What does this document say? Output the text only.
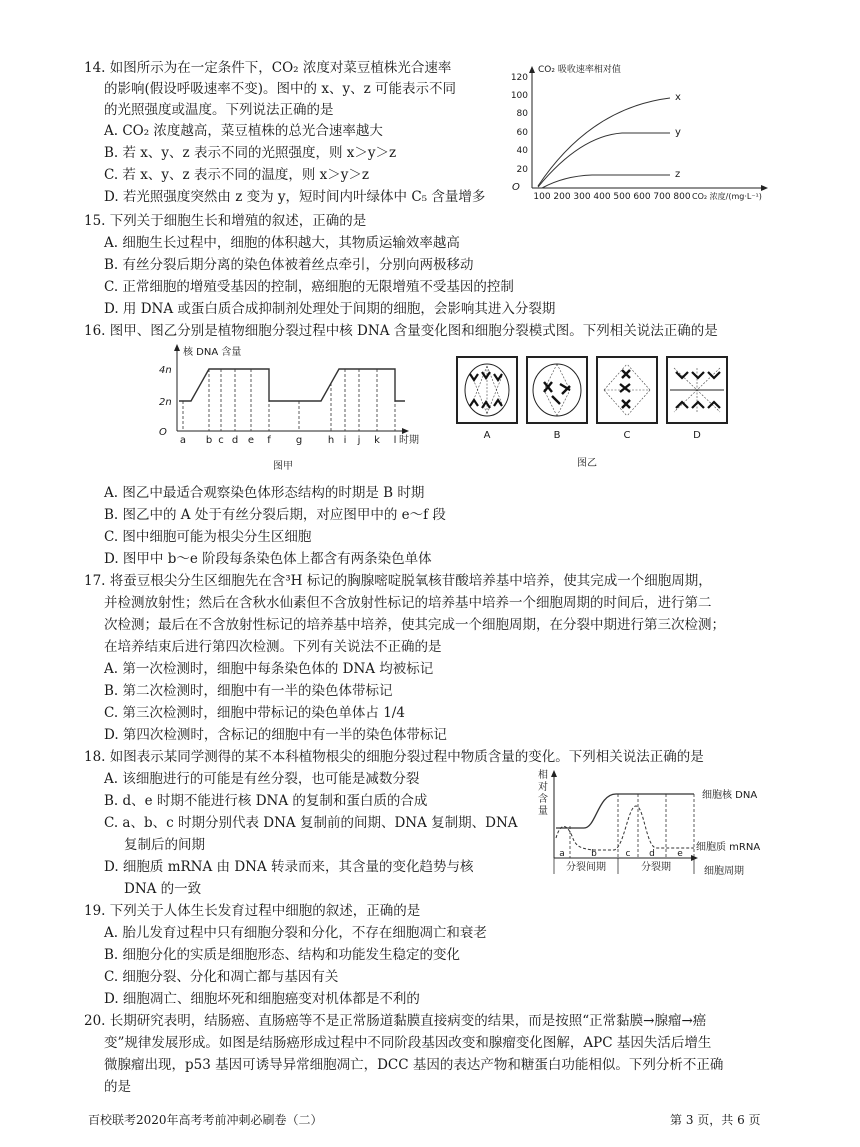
14. 如图所示为在一定条件下，CO₂ 浓度对菜豆植株光合速率
的影响(假设呼吸速率不变)。图中的 x、y、z 可能表示不同
的光照强度或温度。下列说法正确的是
A. CO₂ 浓度越高，菜豆植株的总光合速率越大
B. 若 x、y、z 表示不同的光照强度，则 x＞y＞z
C. 若 x、y、z 表示不同的温度，则 x＞y＞z
D. 若光照强度突然由 z 变为 y，短时间内叶绿体中 C₅ 含量增多
CO₂ 吸收速率相对值
O
20
40
60
80
100
120
100 200 300 400 500 600 700 800 CO₂ 浓度/(mg·L⁻¹)
x
y
z
15. 下列关于细胞生长和增殖的叙述，正确的是
A. 细胞生长过程中，细胞的体积越大，其物质运输效率越高
B. 有丝分裂后期分离的染色体被着丝点牵引，分别向两极移动
C. 正常细胞的增殖受基因的控制，癌细胞的无限增殖不受基因的控制
D. 用 DNA 或蛋白质合成抑制剂处理处于间期的细胞，会影响其进入分裂期
16. 图甲、图乙分别是植物细胞分裂过程中核 DNA 含量变化图和细胞分裂模式图。下列相关说法正确的是
核 DNA 含量
O
2n
4n
a b c d e f	g	h i j k l 时期
图甲
A	B	C	D
图乙
A. 图乙中最适合观察染色体形态结构的时期是 B 时期
B. 图乙中的 A 处于有丝分裂后期，对应图甲中的 e～f 段
C. 图中细胞可能为根尖分生区细胞
D. 图甲中 b～e 阶段每条染色体上都含有两条染色单体
17. 将蚕豆根尖分生区细胞先在含³H 标记的胸腺嘧啶脱氧核苷酸培养基中培养，使其完成一个细胞周期，
并检测放射性；然后在含秋水仙素但不含放射性标记的培养基中培养一个细胞周期的时间后，进行第二
次检测；最后在不含放射性标记的培养基中培养，使其完成一个细胞周期，在分裂中期进行第三次检测；
在培养结束后进行第四次检测。下列有关说法不正确的是
A. 第一次检测时，细胞中每条染色体的 DNA 均被标记
B. 第二次检测时，细胞中有一半的染色体带标记
C. 第三次检测时，细胞中带标记的染色单体占 1/4
D. 第四次检测时，含标记的细胞中有一半的染色体带标记
18. 如图表示某同学测得的某不本科植物根尖的细胞分裂过程中物质含量的变化。下列相关说法正确的是
A. 该细胞进行的可能是有丝分裂，也可能是减数分裂
B. d、e 时期不能进行核 DNA 的复制和蛋白质的合成
C. a、b、c 时期分别代表 DNA 复制前的间期、DNA 复制期、DNA
复制后的间期
D. 细胞质 mRNA 由 DNA 转录而来，其含量的变化趋势与核
DNA 的一致
相
对
含
量
a	b	c d e
细胞核 DNA
细胞质 mRNA
分裂间期	分裂期	细胞周期
19. 下列关于人体生长发育过程中细胞的叙述，正确的是
A. 胎儿发育过程中只有细胞分裂和分化，不存在细胞凋亡和衰老
B. 细胞分化的实质是细胞形态、结构和功能发生稳定的变化
C. 细胞分裂、分化和凋亡都与基因有关
D. 细胞凋亡、细胞坏死和细胞癌变对机体都是不利的
20. 长期研究表明，结肠癌、直肠癌等不是正常肠道黏膜直接病变的结果，而是按照“正常黏膜→腺瘤→癌
变”规律发展形成。如图是结肠癌形成过程中不同阶段基因改变和腺瘤变化图解，APC 基因失活后增生
微腺瘤出现，p53 基因可诱导异常细胞凋亡，DCC 基因的表达产物和糖蛋白功能相似。下列分析不正确
的是
百校联考2020年高考考前冲刺必刷卷（二）	第 3 页，共 6 页
